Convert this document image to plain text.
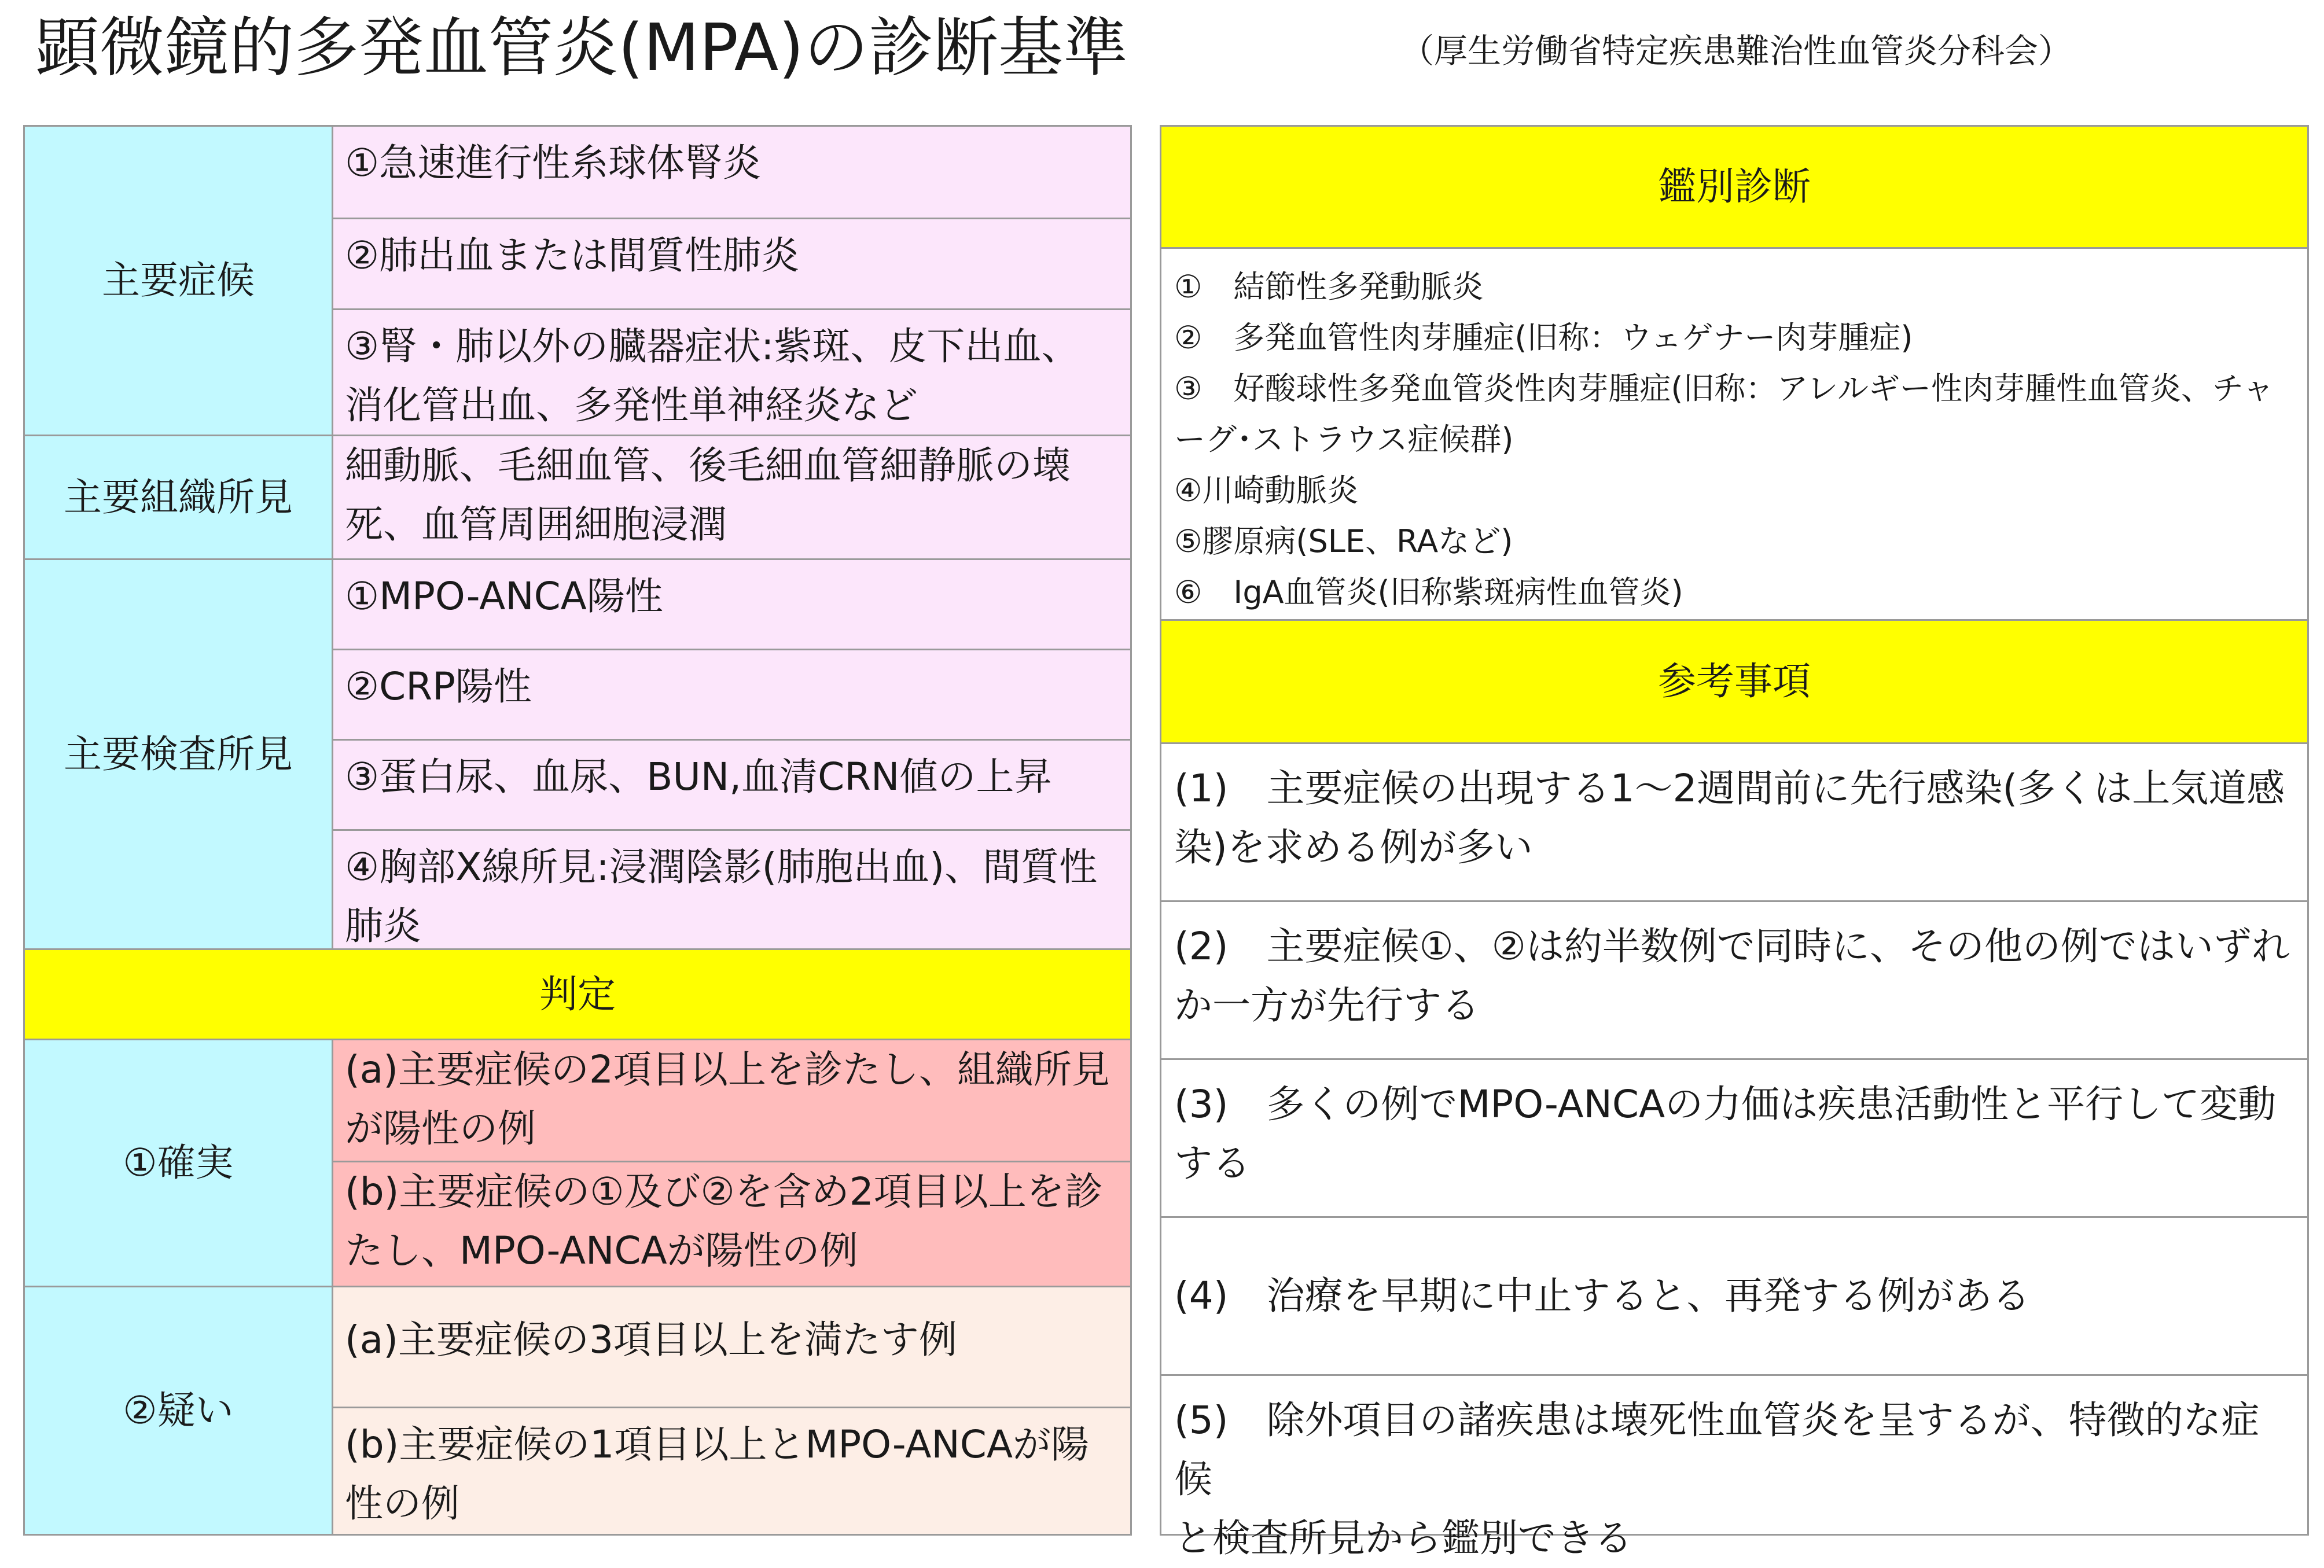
顕微鏡的多発血管炎(MPA)の診断基準	（厚生労働省特定疾患難治性血管炎分科会）
主要症候
①急速進行性糸球体腎炎
②肺出血または間質性肺炎
③腎・肺以外の臓器症状:紫斑、皮下出血、
消化管出血、多発性単神経炎など
主要組織所見
細動脈、毛細血管、後毛細血管細静脈の壊
死、血管周囲細胞浸潤
主要検査所見
①MPO-ANCA陽性
②CRP陽性
③蛋白尿、血尿、BUN,血清CRN値の上昇
④胸部X線所見:浸潤陰影(肺胞出血)、間質性
肺炎
判定
①確実
(a)主要症候の2項目以上を診たし、組織所見
が陽性の例
(b)主要症候の①及び②を含め2項目以上を診
たし、MPO-ANCAが陽性の例
②疑い
(a)主要症候の3項目以上を満たす例
(b)主要症候の1項目以上とMPO-ANCAが陽
性の例
鑑別診断
①　結節性多発動脈炎
②　多発血管性肉芽腫症(旧称：ウェゲナー肉芽腫症)
③　好酸球性多発血管炎性肉芽腫症(旧称：アレルギー性肉芽腫性血管炎、チャ
ーグ･ストラウス症候群)
④川崎動脈炎
⑤膠原病(SLE、RAなど)
⑥　IgA血管炎(旧称紫斑病性血管炎)
参考事項
(1)　主要症候の出現する1〜2週間前に先行感染(多くは上気道感
染)を求める例が多い
(2)　主要症候①、②は約半数例で同時に、その他の例ではいずれ
か一方が先行する
(3)　多くの例でMPO-ANCAの力価は疾患活動性と平行して変動
する
(4)　治療を早期に中止すると、再発する例がある
(5)　除外項目の諸疾患は壊死性血管炎を呈するが、特徴的な症候
と検査所見から鑑別できる
